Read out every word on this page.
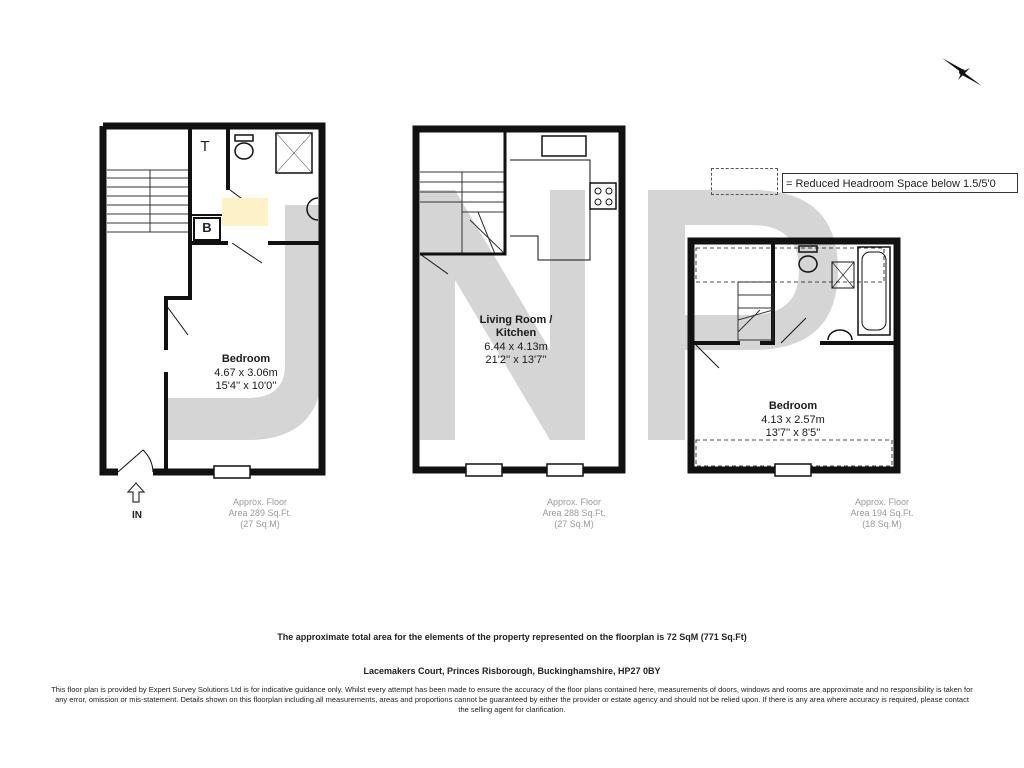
T
B
Bedroom
4.67 x 3.06m
15'4'' x 10'0''
IN
Approx. Floor
Area 289 Sq.Ft.
(27 Sq.M)
Living Room /
Kitchen
6.44 x 4.13m
21'2'' x 13'7''
Approx. Floor
Area 288 Sq.Ft.
(27 Sq.M)
Bedroom
4.13 x 2.57m
13'7'' x 8'5''
Approx. Floor
Area 194 Sq.Ft.
(18 Sq.M)
= Reduced Headroom Space below 1.5/5'0
The approximate total area for the elements of the property represented on the floorplan is 72 SqM (771 Sq.Ft)
Lacemakers Court, Princes Risborough, Buckinghamshire, HP27 0BY
This floor plan is provided by Expert Survey Solutions Ltd is for indicative guidance only. Whilst every attempt has been made to ensure the accuracy of the floor plans contained here, measurements of doors, windows and rooms are approximate and no responsibility is taken for
any error, omission or mis-statement. Details shown on this floorplan including all measurements, areas and proportions cannot be guaranteed by either the provider or estate agency and should not be relied upon. If there is any area where accuracy is required, please contact
the selling agent for clarification.
